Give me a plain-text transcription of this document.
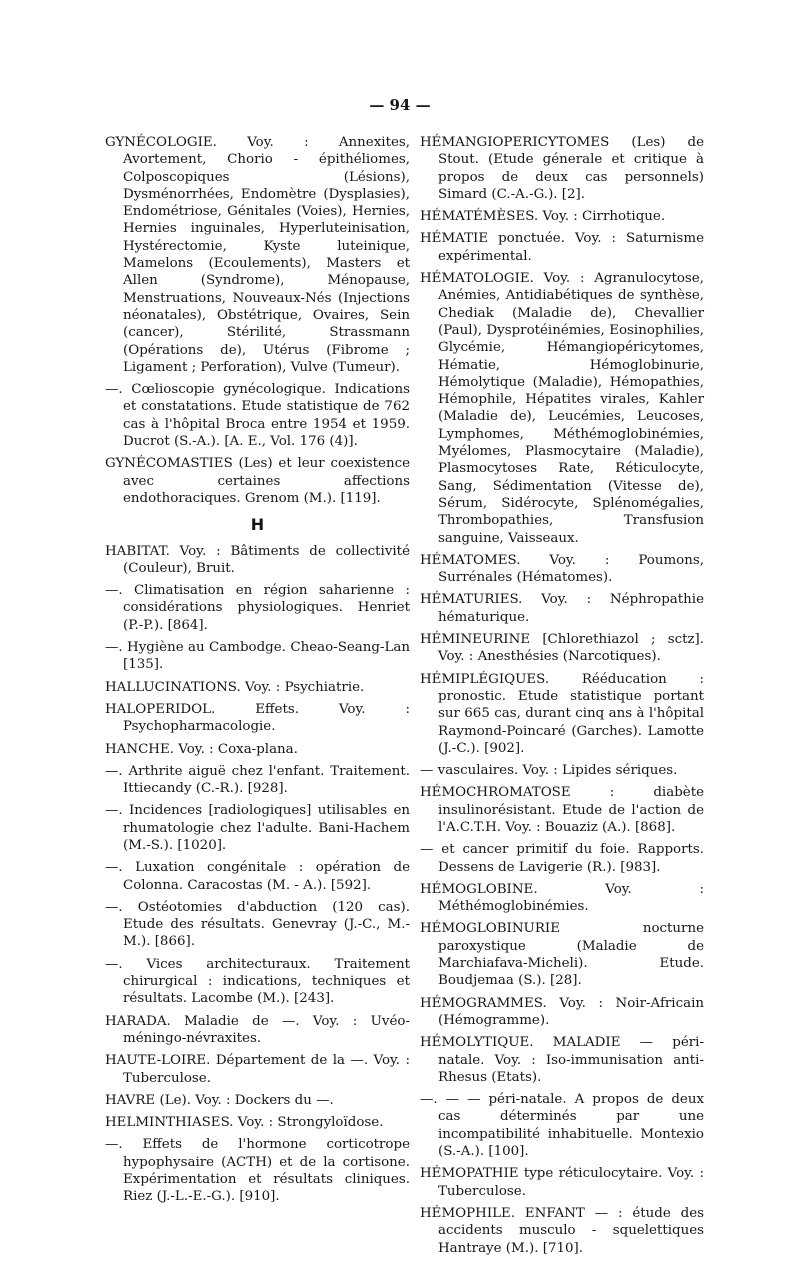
— 94 —

GYNÉCOLOGIE. Voy. : Annexites, Avortement, Chorio - épithéliomes, Colposcopiques (Lésions), Dysménorrhées, Endomètre (Dysplasies), Endométriose, Génitales (Voies), Hernies, Hernies inguinales, Hyperluteinisation, Hystérectomie, Kyste luteinique, Mamelons (Ecoulements), Masters et Allen (Syndrome), Ménopause, Menstruations, Nouveaux-Nés (Injections néonatales), Obstétrique, Ovaires, Sein (cancer), Stérilité, Strassmann (Opérations de), Utérus (Fibrome ; Ligament ; Perforation), Vulve (Tumeur).

—. Cœlioscopie gynécologique. Indications et constatations. Etude statistique de 762 cas à l'hôpital Broca entre 1954 et 1959. Ducrot (S.-A.). [A. E., Vol. 176 (4)].

GYNÉCOMASTIES (Les) et leur coexistence avec certaines affections endothoraciques. Grenom (M.). [119].

H

HABITAT. Voy. : Bâtiments de collectivité (Couleur), Bruit.

—. Climatisation en région saharienne : considérations physiologiques. Henriet (P.-P.). [864].

—. Hygiène au Cambodge. Cheao-Seang-Lan [135].

HALLUCINATIONS. Voy. : Psychiatrie.

HALOPERIDOL. Effets. Voy. : Psychopharmacologie.

HANCHE. Voy. : Coxa-plana.

—. Arthrite aiguë chez l'enfant. Traitement. Ittiecandy (C.-R.). [928].

—. Incidences [radiologiques] utilisables en rhumatologie chez l'adulte. Bani-Hachem (M.-S.). [1020].

—. Luxation congénitale : opération de Colonna. Caracostas (M. - A.). [592].

—. Ostéotomies d'abduction (120 cas). Etude des résultats. Genevray (J.-C., M.-M.). [866].

—. Vices architecturaux. Traitement chirurgical : indications, techniques et résultats. Lacombe (M.). [243].

HARADA. Maladie de —. Voy. : Uvéo-méningo-névraxites.

HAUTE-LOIRE. Département de la —. Voy. : Tuberculose.

HAVRE (Le). Voy. : Dockers du —.

HELMINTHIASES. Voy. : Strongyloïdose.

—. Effets de l'hormone corticotrope hypophysaire (ACTH) et de la cortisone. Expérimentation et résultats cliniques. Riez (J.-L.-E.-G.). [910].

HÉMANGIOPERICYTOMES (Les) de Stout. (Etude génerale et critique à propos de deux cas personnels) Simard (C.-A.-G.). [2].

HÉMATÉMÈSES. Voy. : Cirrhotique.

HÉMATIE ponctuée. Voy. : Saturnisme expérimental.

HÉMATOLOGIE. Voy. : Agranulocytose, Anémies, Antidiabétiques de synthèse, Chediak (Maladie de), Chevallier (Paul), Dysprotéinémies, Eosinophilies, Glycémie, Hémangiopéricytomes, Hématie, Hémoglobinurie, Hémolytique (Maladie), Hémopathies, Hémophile, Hépatites virales, Kahler (Maladie de), Leucémies, Leucoses, Lymphomes, Méthémoglobinémies, Myélomes, Plasmocytaire (Maladie), Plasmocytoses Rate, Réticulocyte, Sang, Sédimentation (Vitesse de), Sérum, Sidérocyte, Splénomégalies, Thrombopathies, Transfusion sanguine, Vaisseaux.

HÉMATOMES. Voy. : Poumons, Surrénales (Hématomes).

HÉMATURIES. Voy. : Néphropathie hématurique.

HÉMINEURINE [Chlorethiazol ; sctz]. Voy. : Anesthésies (Narcotiques).

HÉMIPLÉGIQUES. Rééducation : pronostic. Etude statistique portant sur 665 cas, durant cinq ans à l'hôpital Raymond-Poincaré (Garches). Lamotte (J.-C.). [902].

— vasculaires. Voy. : Lipides sériques.

HÉMOCHROMATOSE : diabète insulinorésistant. Etude de l'action de l'A.C.T.H. Voy. : Bouaziz (A.). [868].

— et cancer primitif du foie. Rapports. Dessens de Lavigerie (R.). [983].

HÉMOGLOBINE. Voy. : Méthémoglobinémies.

HÉMOGLOBINURIE nocturne paroxystique (Maladie de Marchiafava-Micheli). Etude. Boudjemaa (S.). [28].

HÉMOGRAMMES. Voy. : Noir-Africain (Hémogramme).

HÉMOLYTIQUE. MALADIE — péri-natale. Voy. : Iso-immunisation anti-Rhesus (Etats).

—. — — péri-natale. A propos de deux cas déterminés par une incompatibilité inhabituelle. Montexio (S.-A.). [100].

HÉMOPATHIE type réticulocytaire. Voy. : Tuberculose.

HÉMOPHILE. ENFANT — : étude des accidents musculo - squelettiques Hantraye (M.). [710].
